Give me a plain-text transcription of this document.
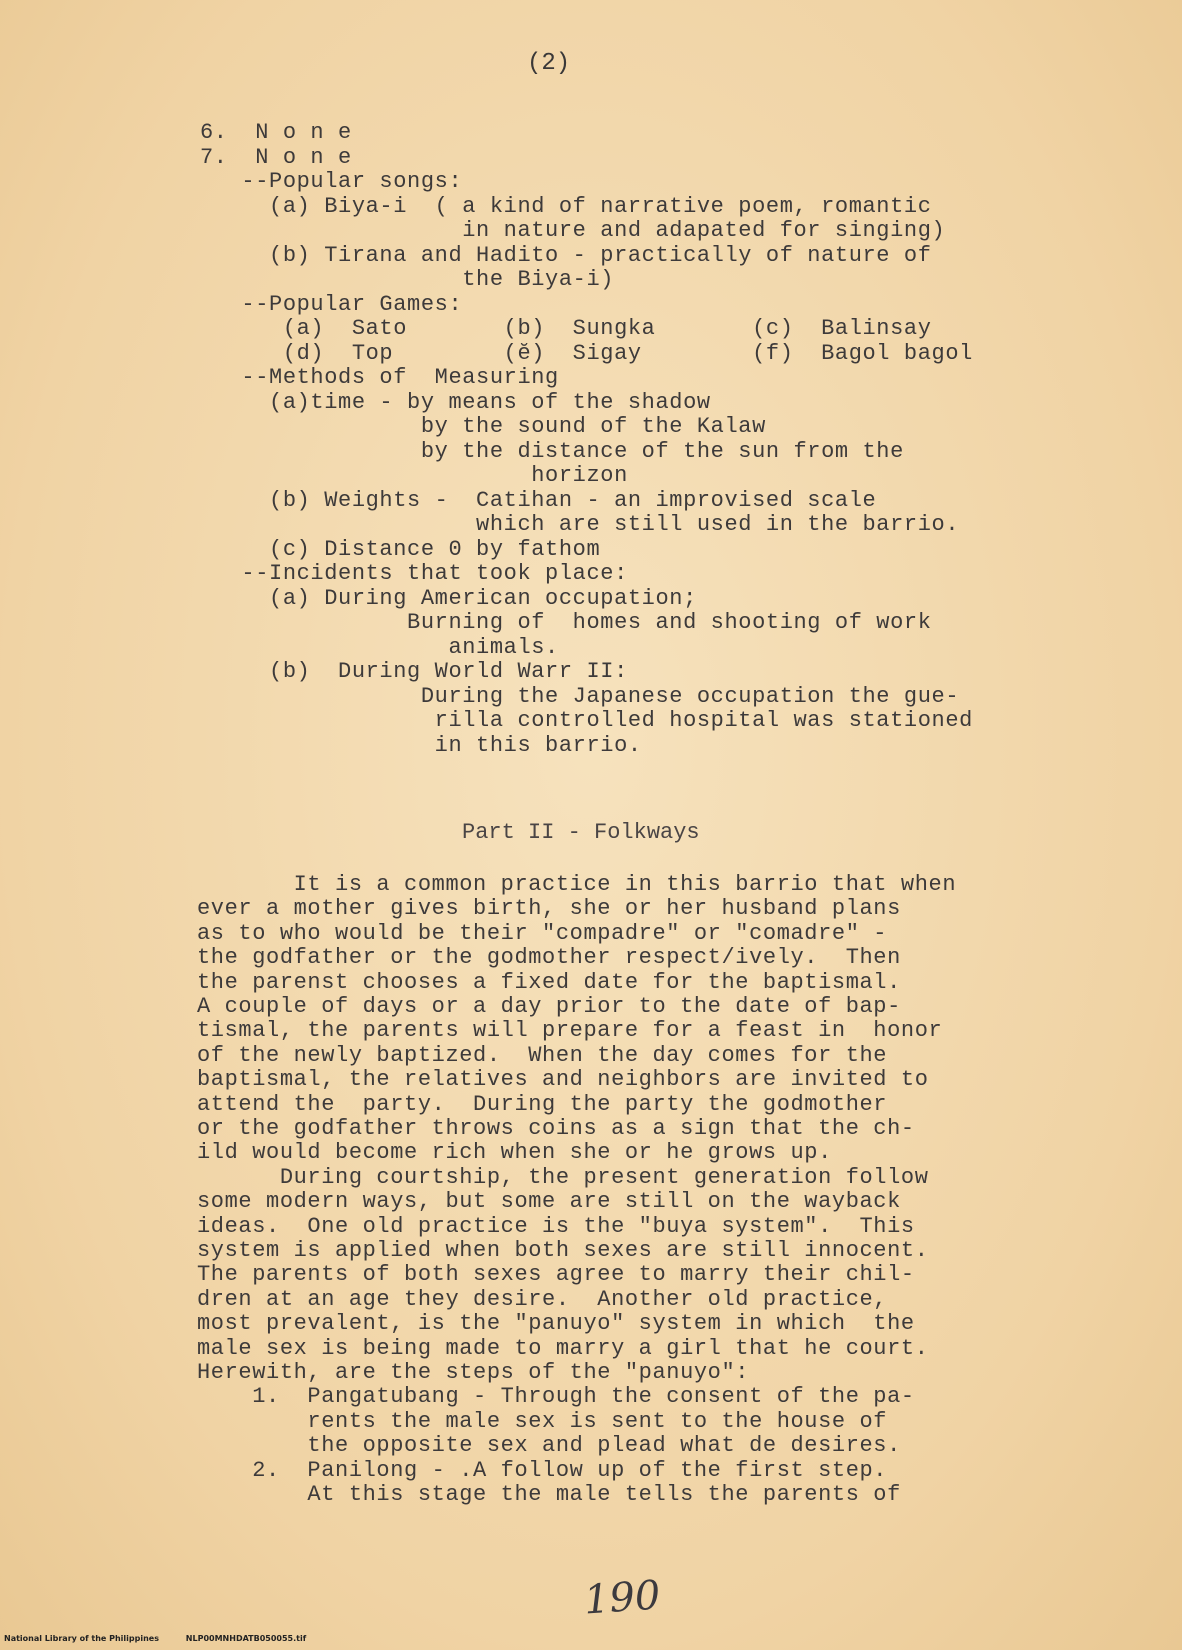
(2)
6.  N o n e
7.  N o n e
--Popular songs:
(a) Biya-i  ( a kind of narrative poem, romantic
in nature and adapated for singing)
(b) Tirana and Hadito - practically of nature of
the Biya-i)
--Popular Games:
(a)  Sato       (b)  Sungka       (c)  Balinsay
(d)  Top        (ĕ)  Sigay        (f)  Bagol bagol
--Methods of  Measuring
(a)time - by means of the shadow
by the sound of the Kalaw
by the distance of the sun from the
horizon
(b) Weights -  Catihan - an improvised scale
which are still used in the barrio.
(c) Distance 0 by fathom
--Incidents that took place:
(a) During American occupation;
Burning of  homes and shooting of work
animals.
(b)  During World Warr II:
During the Japanese occupation the gue-
rilla controlled hospital was stationed
in this barrio.
Part II - Folkways
It is a common practice in this barrio that when
ever a mother gives birth, she or her husband plans
as to who would be their "compadre" or "comadre" -
the godfather or the godmother respect/ively.  Then
the parenst chooses a fixed date for the baptismal.
A couple of days or a day prior to the date of bap-
tismal, the parents will prepare for a feast in  honor
of the newly baptized.  When the day comes for the
baptismal, the relatives and neighbors are invited to
attend the  party.  During the party the godmother
or the godfather throws coins as a sign that the ch-
ild would become rich when she or he grows up.
During courtship, the present generation follow
some modern ways, but some are still on the wayback
ideas.  One old practice is the "buya system".  This
system is applied when both sexes are still innocent.
The parents of both sexes agree to marry their chil-
dren at an age they desire.  Another old practice,
most prevalent, is the "panuyo" system in which  the
male sex is being made to marry a girl that he court.
Herewith, are the steps of the "panuyo":
1.  Pangatubang - Through the consent of the pa-
rents the male sex is sent to the house of
the opposite sex and plead what de desires.
2.  Panilong - .A follow up of the first step.
At this stage the male tells the parents of
190
National Library of the Philippines	NLP00MNHDATB050055.tif
